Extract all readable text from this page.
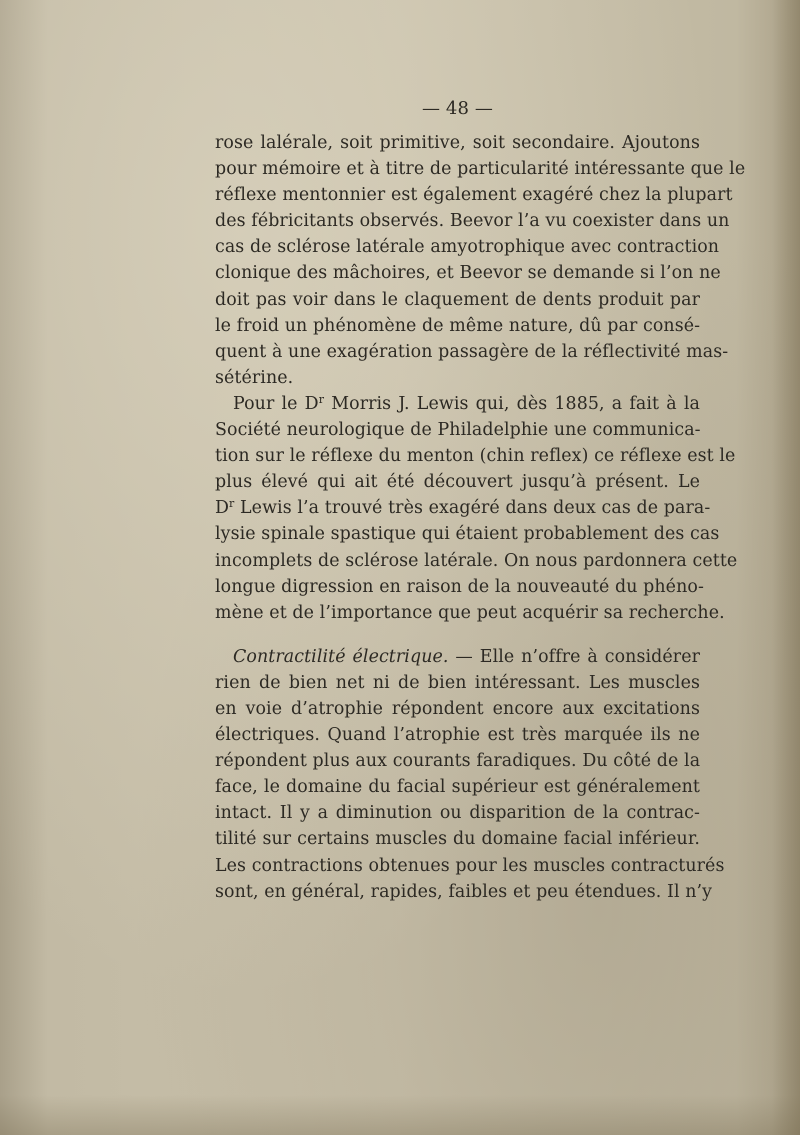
— 48 —
rose lalérale, soit primitive, soit secondaire. Ajoutons
pour mémoire et à titre de particularité intéressante que le
réflexe mentonnier est également exagéré chez la plupart
des fébricitants observés. Beevor l’a vu coexister dans un
cas de sclérose latérale amyotrophique avec contraction
clonique des mâchoires, et Beevor se demande si l’on ne
doit pas voir dans le claquement de dents produit par
le froid un phénomène de même nature, dû par consé-
quent à une exagération passagère de la réflectivité mas-
sétérine.
Pour le $D^r$ Morris J. Lewis qui, dès 1885, a fait à la
Société neurologique de Philadelphie une communica-
tion sur le réflexe du menton (chin reflex) ce réflexe est le
plus élevé qui ait été découvert jusqu’à présent. Le
$D^r$ Lewis l’a trouvé très exagéré dans deux cas de para-
lysie spinale spastique qui étaient probablement des cas
incomplets de sclérose latérale. On nous pardonnera cette
longue digression en raison de la nouveauté du phéno-
mène et de l’importance que peut acquérir sa recherche.
Contractilité électrique. — Elle n’offre à considérer
rien de bien net ni de bien intéressant. Les muscles
en voie d’atrophie répondent encore aux excitations
électriques. Quand l’atrophie est très marquée ils ne
répondent plus aux courants faradiques. Du côté de la
face, le domaine du facial supérieur est généralement
intact. Il y a diminution ou disparition de la contrac-
tilité sur certains muscles du domaine facial inférieur.
Les contractions obtenues pour les muscles contracturés
sont, en général, rapides, faibles et peu étendues. Il n’y
